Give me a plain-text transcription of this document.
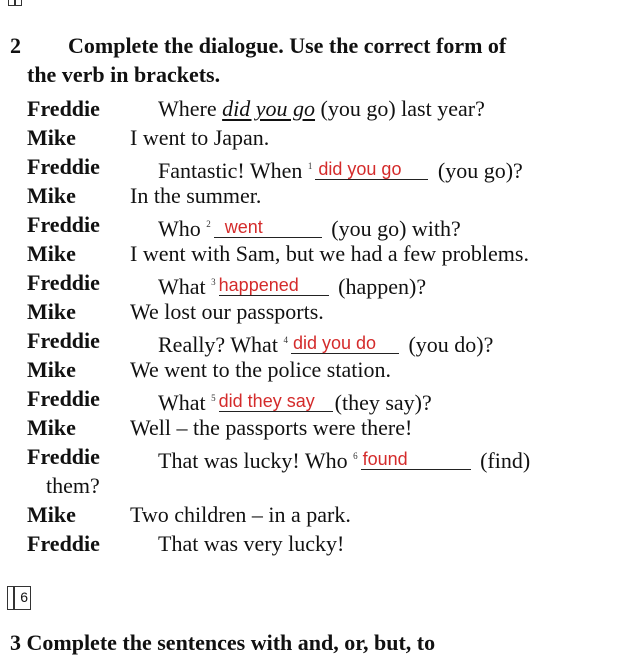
2 Complete the dialogue. Use the correct form of
the verb in brackets.
Freddie	Where did you go (you go) last year?
Mike I went to Japan.
Freddie	Fantastic! When $^1$ did you go (you go)?
Mike In the summer.
Freddie	Who $^2$ went	(you go) with?
Mike I went with Sam, but we had a few problems.
Freddie	What $^3$ happened (happen)?
Mike We lost our passports.
Freddie	Really? What $^4$ did you do (you do)?
Mike We went to the police station.
Freddie	What $^5$ did they say (they say)?
Mike Well – the passports were there!
Freddie	That was lucky! Who $^6$ found	(find)
them?
Mike Two children – in a park.
Freddie	That was very lucky!
6
3 Complete the sentences with and, or, but, to
